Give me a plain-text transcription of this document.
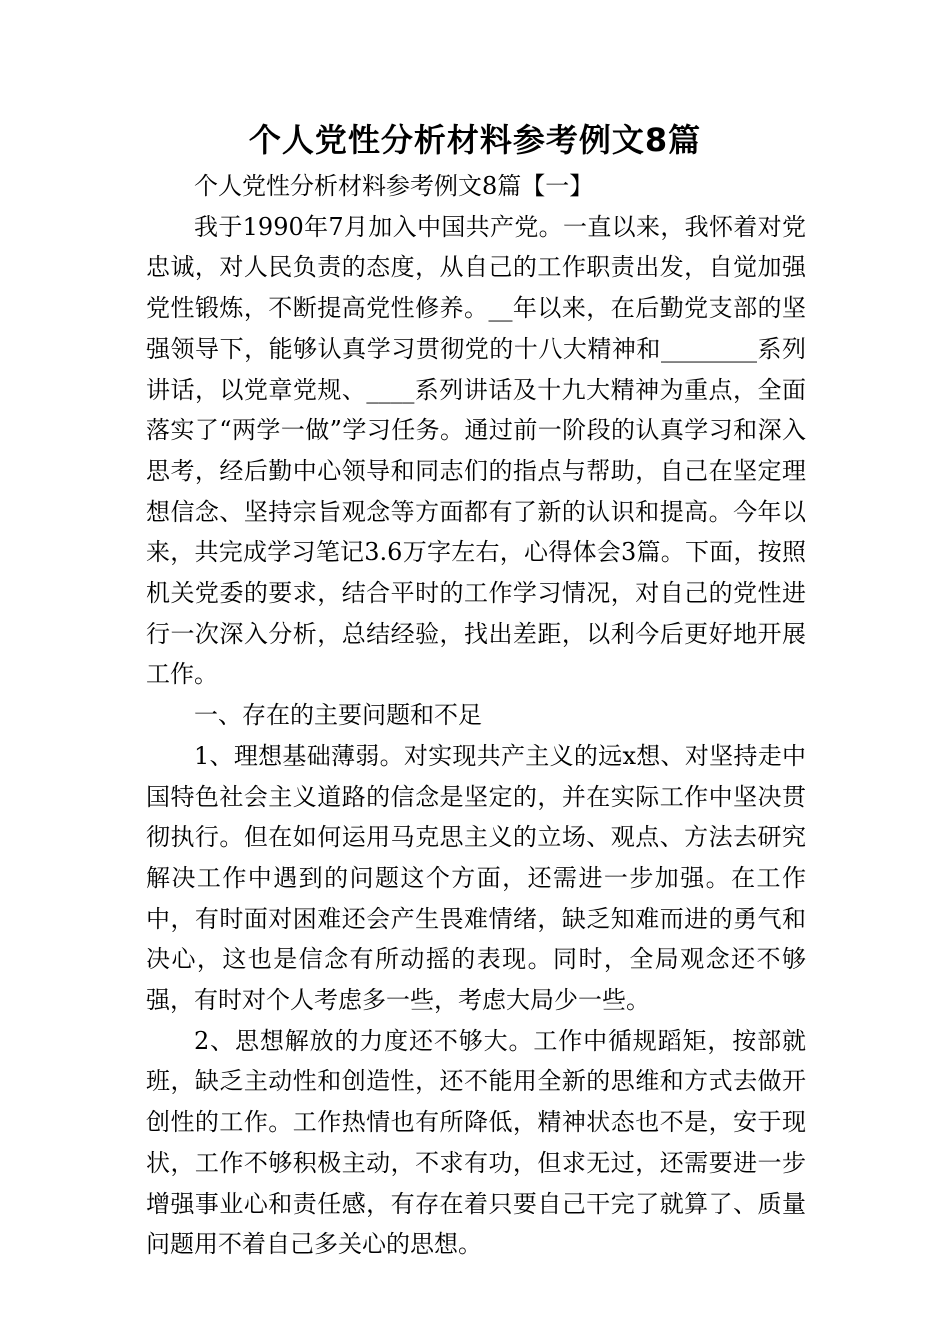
个人党性分析材料参考例文8篇

个人党性分析材料参考例文8篇【一】

我于1990年7月加入中国共产党。一直以来，我怀着对党忠诚，对人民负责的态度，从自己的工作职责出发，自觉加强党性锻炼，不断提高党性修养。__年以来，在后勤党支部的坚强领导下，能够认真学习贯彻党的十八大精神和________系列讲话，以党章党规、____系列讲话及十九大精神为重点，全面落实了“两学一做”学习任务。通过前一阶段的认真学习和深入思考，经后勤中心领导和同志们的指点与帮助，自己在坚定理想信念、坚持宗旨观念等方面都有了新的认识和提高。今年以来，共完成学习笔记3.6万字左右，心得体会3篇。下面，按照机关党委的要求，结合平时的工作学习情况，对自己的党性进行一次深入分析，总结经验，找出差距，以利今后更好地开展工作。

一、存在的主要问题和不足

1、理想基础薄弱。对实现共产主义的远x想、对坚持走中国特色社会主义道路的信念是坚定的，并在实际工作中坚决贯彻执行。但在如何运用马克思主义的立场、观点、方法去研究解决工作中遇到的问题这个方面，还需进一步加强。在工作中，有时面对困难还会产生畏难情绪，缺乏知难而进的勇气和决心，这也是信念有所动摇的表现。同时，全局观念还不够强，有时对个人考虑多一些，考虑大局少一些。

2、思想解放的力度还不够大。工作中循规蹈矩，按部就班，缺乏主动性和创造性，还不能用全新的思维和方式去做开创性的工作。工作热情也有所降低，精神状态也不是，安于现状，工作不够积极主动，不求有功，但求无过，还需要进一步增强事业心和责任感，有存在着只要自己干完了就算了、质量问题用不着自己多关心的思想。
